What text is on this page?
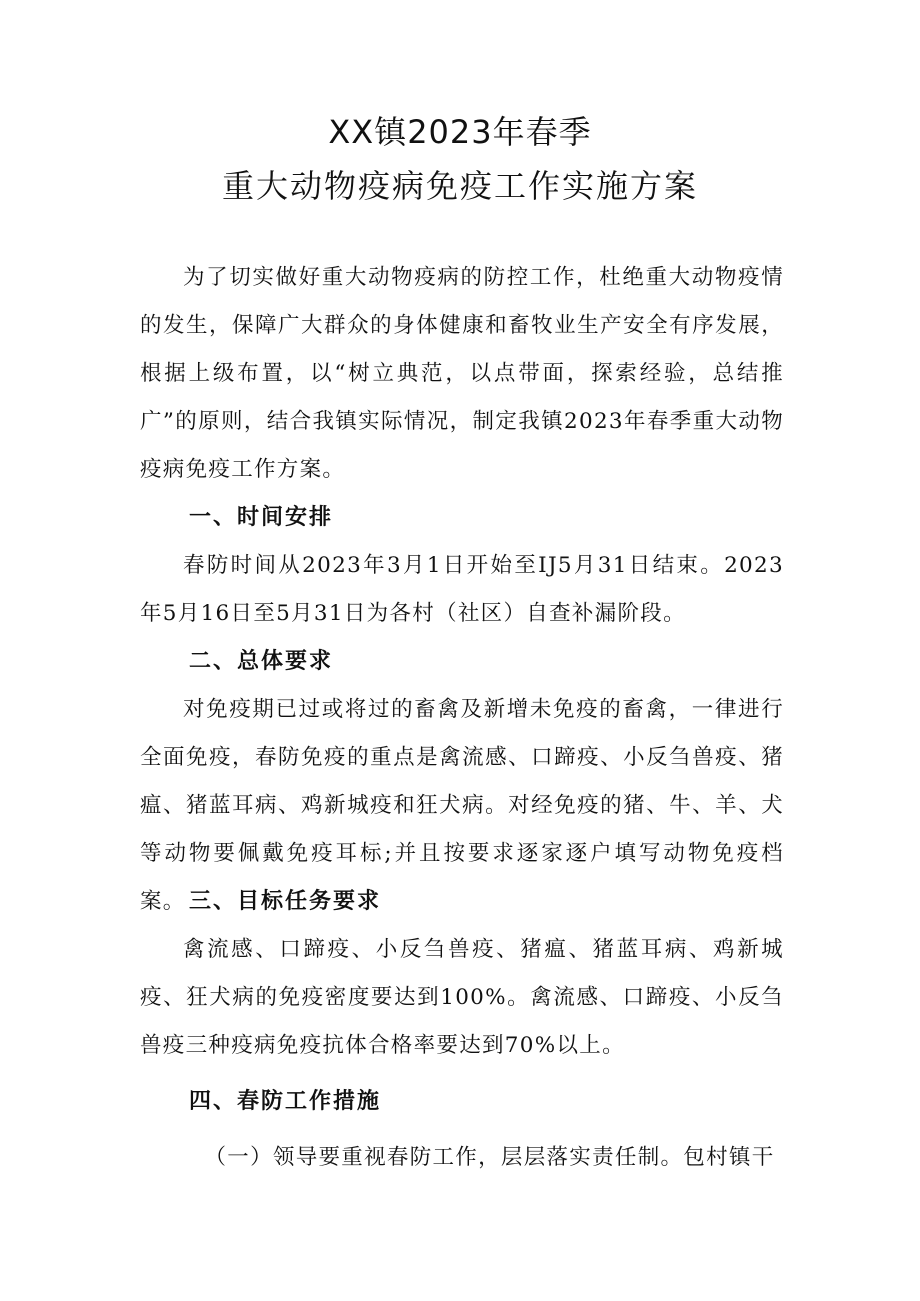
XX镇2023年春季
重大动物疫病免疫工作实施方案

为了切实做好重大动物疫病的防控工作，杜绝重大动物疫情的发生，保障广大群众的身体健康和畜牧业生产安全有序发展，根据上级布置，以“树立典范，以点带面，探索经验，总结推广”的原则，结合我镇实际情况，制定我镇2023年春季重大动物疫病免疫工作方案。

一、时间安排

春防时间从2023年3月1日开始至IJ5月31日结束。2023年5月16日至5月31日为各村（社区）自查补漏阶段。

二、总体要求

对免疫期已过或将过的畜禽及新增未免疫的畜禽，一律进行全面免疫，春防免疫的重点是禽流感、口蹄疫、小反刍兽疫、猪瘟、猪蓝耳病、鸡新城疫和狂犬病。对经免疫的猪、牛、羊、犬等动物要佩戴免疫耳标;并且按要求逐家逐户填写动物免疫档案。 三、目标任务要求

禽流感、口蹄疫、小反刍兽疫、猪瘟、猪蓝耳病、鸡新城疫、狂犬病的免疫密度要达到100%。禽流感、口蹄疫、小反刍兽疫三种疫病免疫抗体合格率要达到70%以上。

四、春防工作措施

（一）领导要重视春防工作，层层落实责任制。包村镇干
